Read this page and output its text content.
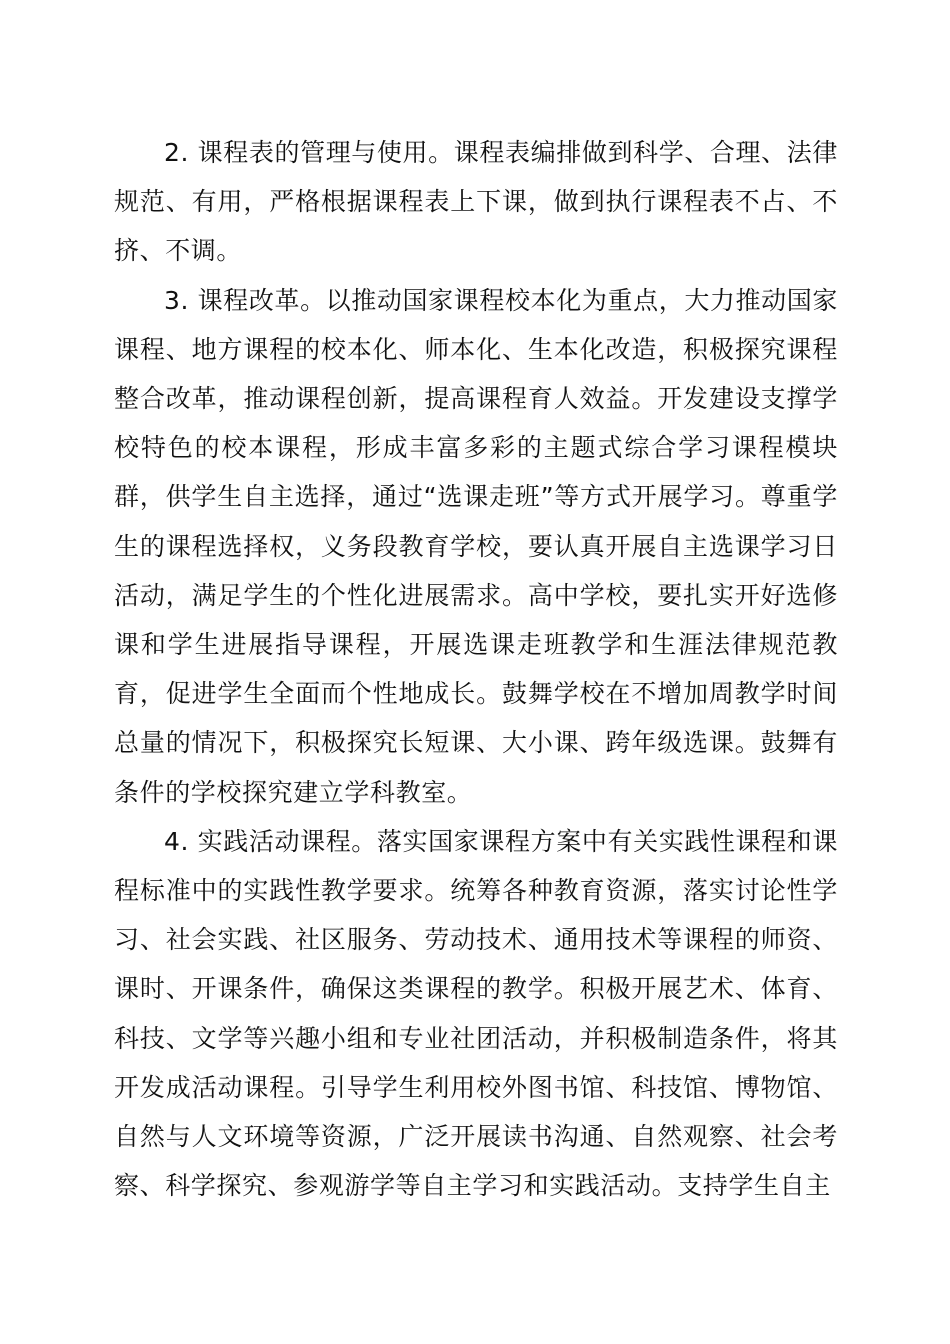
2. 课程表的管理与使用。课程表编排做到科学、合理、法律规范、有用，严格根据课程表上下课，做到执行课程表不占、不挤、不调。

3. 课程改革。以推动国家课程校本化为重点，大力推动国家课程、地方课程的校本化、师本化、生本化改造，积极探究课程整合改革，推动课程创新，提高课程育人效益。开发建设支撑学校特色的校本课程，形成丰富多彩的主题式综合学习课程模块群，供学生自主选择，通过“选课走班”等方式开展学习。尊重学生的课程选择权，义务段教育学校，要认真开展自主选课学习日活动，满足学生的个性化进展需求。高中学校，要扎实开好选修课和学生进展指导课程，开展选课走班教学和生涯法律规范教育，促进学生全面而个性地成长。鼓舞学校在不增加周教学时间总量的情况下，积极探究长短课、大小课、跨年级选课。鼓舞有条件的学校探究建立学科教室。

4. 实践活动课程。落实国家课程方案中有关实践性课程和课程标准中的实践性教学要求。统筹各种教育资源，落实讨论性学习、社会实践、社区服务、劳动技术、通用技术等课程的师资、课时、开课条件，确保这类课程的教学。积极开展艺术、体育、科技、文学等兴趣小组和专业社团活动，并积极制造条件，将其开发成活动课程。引导学生利用校外图书馆、科技馆、博物馆、自然与人文环境等资源，广泛开展读书沟通、自然观察、社会考察、科学探究、参观游学等自主学习和实践活动。支持学生自主
